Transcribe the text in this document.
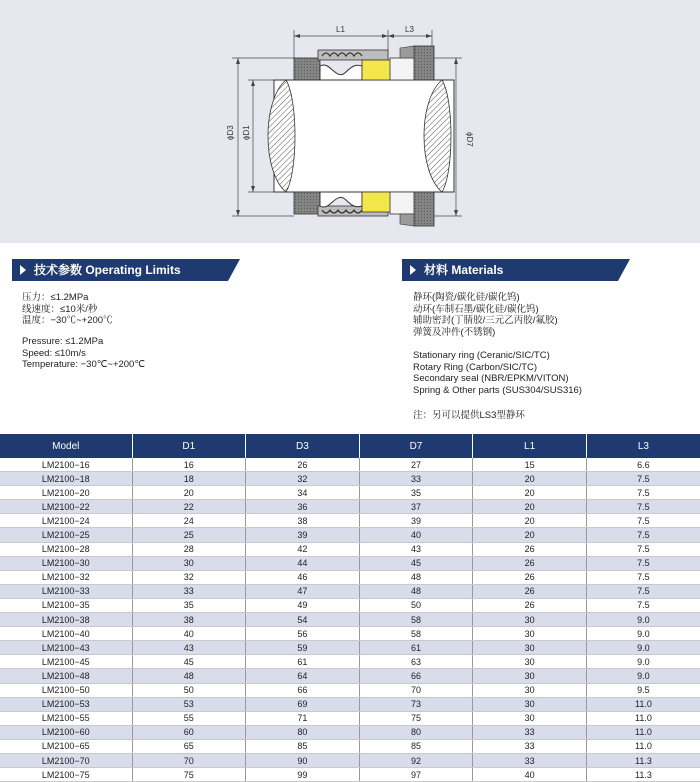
L1	L3
ϕD3 ϕD1	ϕD7
技术参数 Operating Limits	材料 Materials
压力：≤1.2MPa
线速度：≤10米/秒
温度：−30℃~+200℃
Pressure: ≤1.2MPa
Speed: ≤10m/s
Temperature: −30℃~+200℃
静环(陶瓷/碳化硅/碳化钨)
动环(车制石墨/碳化硅/碳化钨)
辅助密封(丁腈胶/三元乙丙胶/氟胶)
弹簧及冲件(不锈钢)
Stationary ring (Ceranic/SIC/TC)
Rotary Ring (Carbon/SIC/TC)
Secondary seal (NBR/EPKM/VITON)
Spring & Other parts (SUS304/SUS316)
注：另可以提供LS3型静环
Model	D1	D3	D7	L1	L3
LM2100−16	16	26	27	15	6.6
LM2100−18	18	32	33	20	7.5
LM2100−20	20	34	35	20	7.5
LM2100−22	22	36	37	20	7.5
LM2100−24	24	38	39	20	7.5
LM2100−25	25	39	40	20	7.5
LM2100−28	28	42	43	26	7.5
LM2100−30	30	44	45	26	7.5
LM2100−32	32	46	48	26	7.5
LM2100−33	33	47	48	26	7.5
LM2100−35	35	49	50	26	7.5
LM2100−38	38	54	58	30	9.0
LM2100−40	40	56	58	30	9.0
LM2100−43	43	59	61	30	9.0
LM2100−45	45	61	63	30	9.0
LM2100−48	48	64	66	30	9.0
LM2100−50	50	66	70	30	9.5
LM2100−53	53	69	73	30	11.0
LM2100−55	55	71	75	30	11.0
LM2100−60	60	80	80	33	11.0
LM2100−65	65	85	85	33	11.0
LM2100−70	70	90	92	33	11.3
LM2100−75	75	99	97	40	11.3
